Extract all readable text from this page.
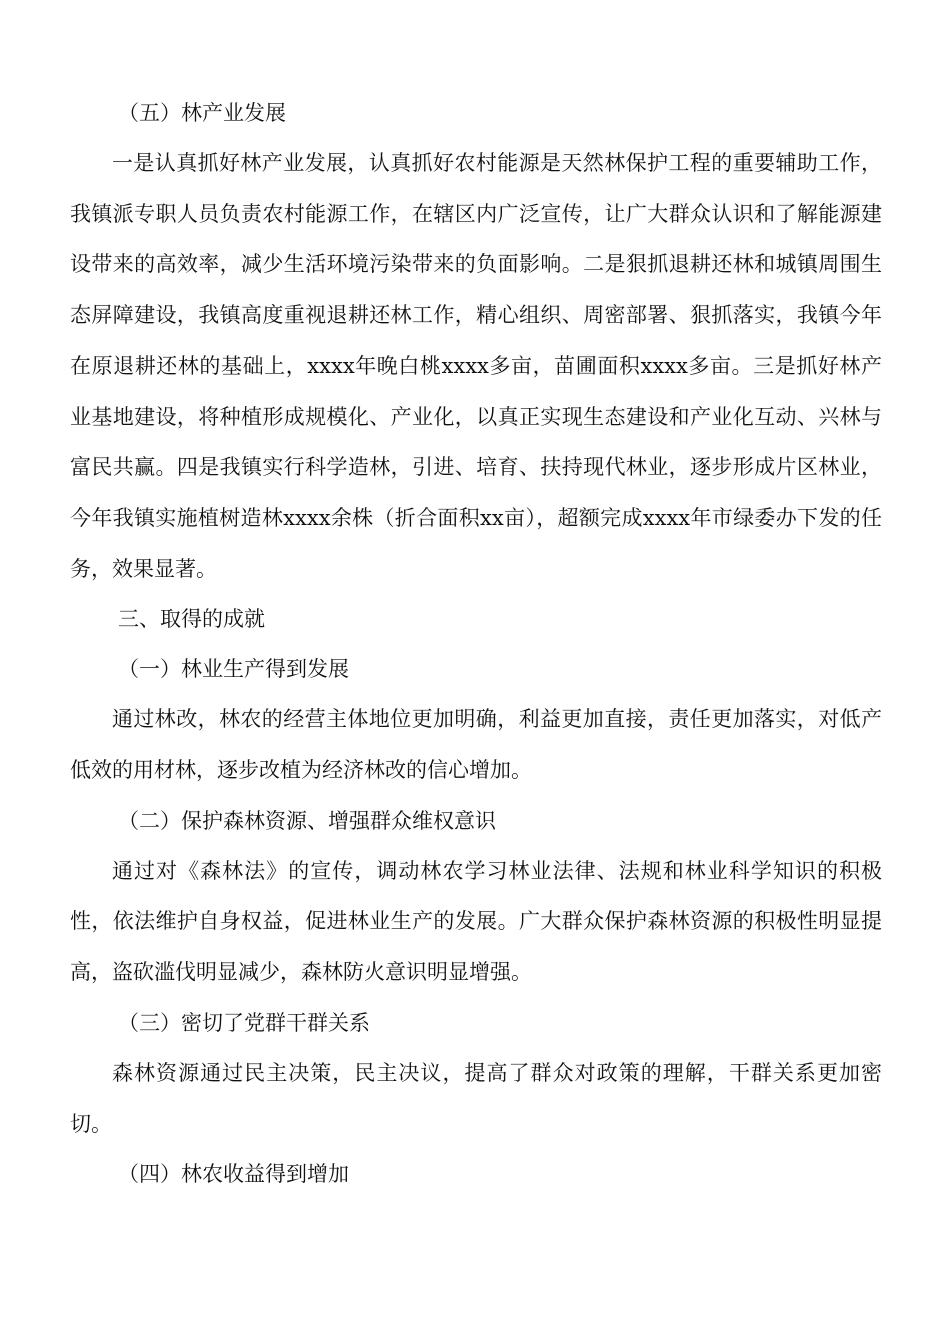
（五）林产业发展

一是认真抓好林产业发展，认真抓好农村能源是天然林保护工程的重要辅助工作，我镇派专职人员负责农村能源工作，在辖区内广泛宣传，让广大群众认识和了解能源建设带来的高效率，减少生活环境污染带来的负面影响。二是狠抓退耕还林和城镇周围生态屏障建设，我镇高度重视退耕还林工作，精心组织、周密部署、狠抓落实，我镇今年在原退耕还林的基础上，xxxx年晚白桃xxxx多亩，苗圃面积xxxx多亩。三是抓好林产业基地建设，将种植形成规模化、产业化，以真正实现生态建设和产业化互动、兴林与富民共赢。四是我镇实行科学造林，引进、培育、扶持现代林业，逐步形成片区林业，今年我镇实施植树造林xxxx余株（折合面积xx亩），超额完成xxxx年市绿委办下发的任务，效果显著。

三、取得的成就

（一）林业生产得到发展

通过林改，林农的经营主体地位更加明确，利益更加直接，责任更加落实，对低产低效的用材林，逐步改植为经济林改的信心增加。

（二）保护森林资源、增强群众维权意识

通过对《森林法》的宣传，调动林农学习林业法律、法规和林业科学知识的积极性，依法维护自身权益，促进林业生产的发展。广大群众保护森林资源的积极性明显提高，盗砍滥伐明显减少，森林防火意识明显增强。

（三）密切了党群干群关系

森林资源通过民主决策，民主决议，提高了群众对政策的理解，干群关系更加密切。

（四）林农收益得到增加
